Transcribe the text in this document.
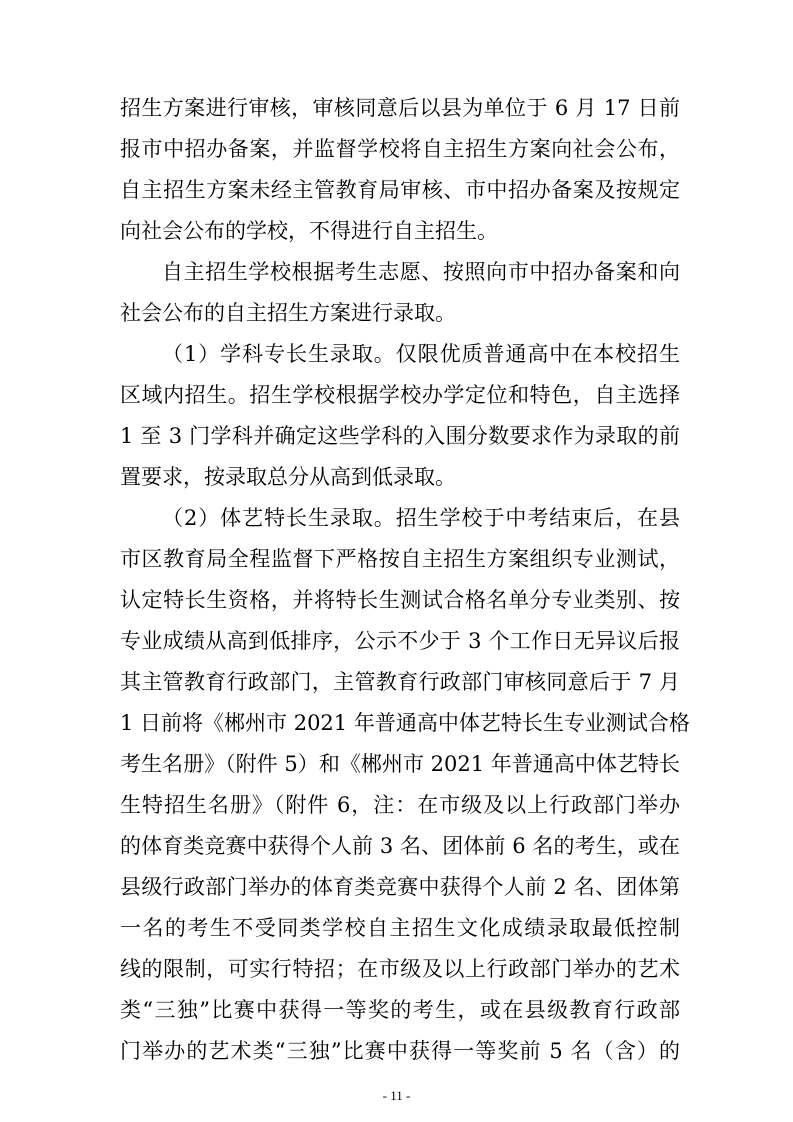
招生方案进行审核，审核同意后以县为单位于 6 月 17 日前
报市中招办备案，并监督学校将自主招生方案向社会公布，
自主招生方案未经主管教育局审核、市中招办备案及按规定
向社会公布的学校，不得进行自主招生。
自主招生学校根据考生志愿、按照向市中招办备案和向
社会公布的自主招生方案进行录取。
（1）学科专长生录取。仅限优质普通高中在本校招生
区域内招生。招生学校根据学校办学定位和特色，自主选择
1 至 3 门学科并确定这些学科的入围分数要求作为录取的前
置要求，按录取总分从高到低录取。
（2）体艺特长生录取。招生学校于中考结束后，在县
市区教育局全程监督下严格按自主招生方案组织专业测试，
认定特长生资格，并将特长生测试合格名单分专业类别、按
专业成绩从高到低排序，公示不少于 3 个工作日无异议后报
其主管教育行政部门，主管教育行政部门审核同意后于 7 月
1 日前将《郴州市 2021 年普通高中体艺特长生专业测试合格
考生名册》（附件 5）和《郴州市 2021 年普通高中体艺特长
生特招生名册》（附件 6，注：在市级及以上行政部门举办
的体育类竞赛中获得个人前 3 名、团体前 6 名的考生，或在
县级行政部门举办的体育类竞赛中获得个人前 2 名、团体第
一名的考生不受同类学校自主招生文化成绩录取最低控制
线的限制，可实行特招；在市级及以上行政部门举办的艺术
类“三独”比赛中获得一等奖的考生，或在县级教育行政部
门举办的艺术类“三独”比赛中获得一等奖前 5 名（含）的
- 11 -
